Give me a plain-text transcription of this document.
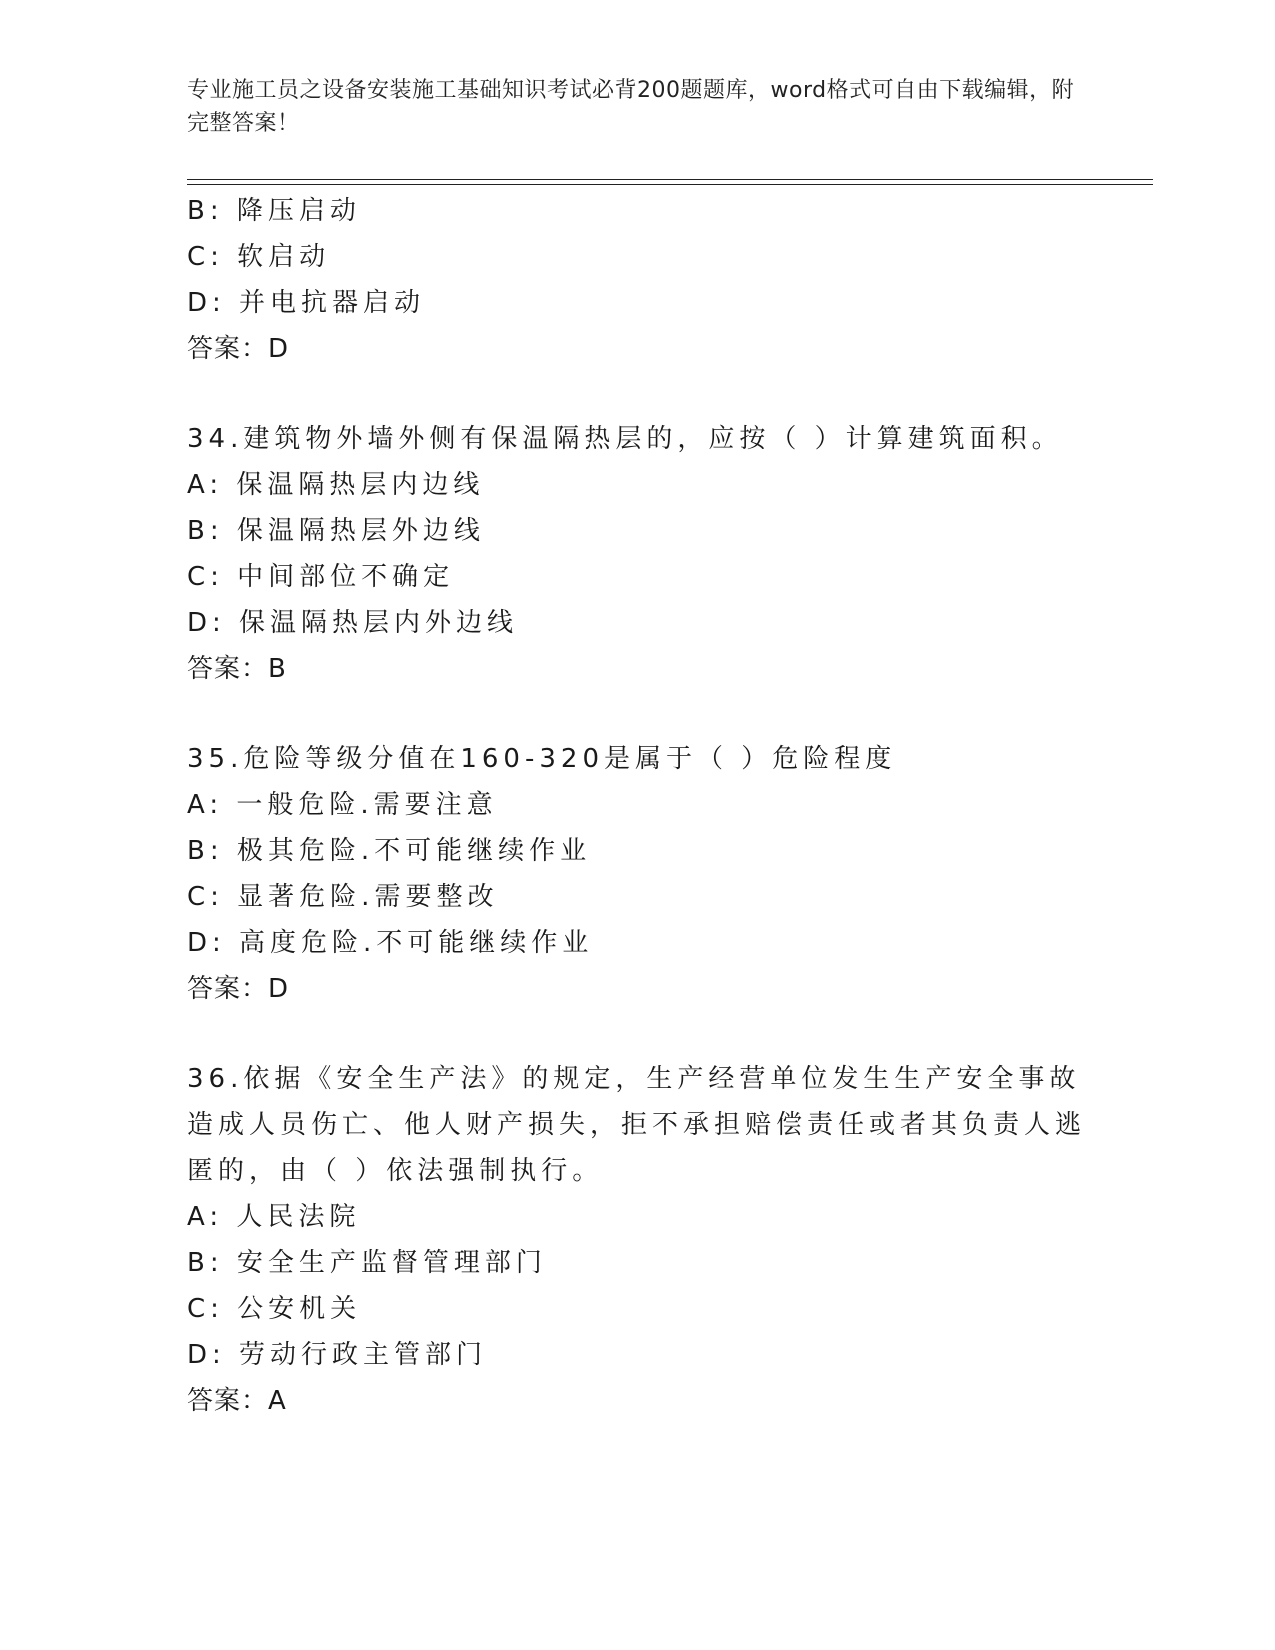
专业施工员之设备安装施工基础知识考试必背200题题库，word格式可自由下载编辑，附完整答案！
B: 降压启动
C: 软启动
D: 并电抗器启动
答案：D
34.建筑物外墙外侧有保温隔热层的，应按（ ）计算建筑面积。
A: 保温隔热层内边线
B: 保温隔热层外边线
C: 中间部位不确定
D: 保温隔热层内外边线
答案：B
35.危险等级分值在160-320是属于（ ）危险程度
A: 一般危险.需要注意
B: 极其危险.不可能继续作业
C: 显著危险.需要整改
D: 高度危险.不可能继续作业
答案：D
36.依据《安全生产法》的规定，生产经营单位发生生产安全事故造成人员伤亡、他人财产损失，拒不承担赔偿责任或者其负责人逃匿的，由（ ）依法强制执行。
A: 人民法院
B: 安全生产监督管理部门
C: 公安机关
D: 劳动行政主管部门
答案：A
